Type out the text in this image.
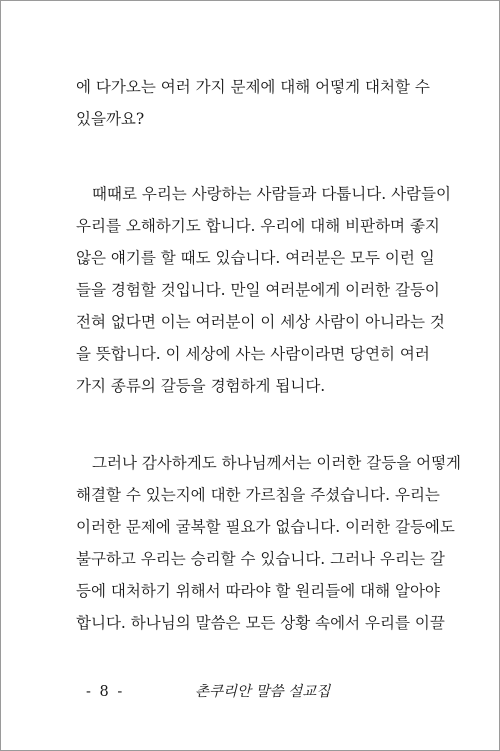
에 다가오는 여러 가지 문제에 대해 어떻게 대처할 수
있을까요?
때때로 우리는 사랑하는 사람들과 다툽니다. 사람들이
우리를 오해하기도 합니다. 우리에 대해 비판하며 좋지
않은 얘기를 할 때도 있습니다. 여러분은 모두 이런 일
들을 경험할 것입니다. 만일 여러분에게 이러한 갈등이
전혀 없다면 이는 여러분이 이 세상 사람이 아니라는 것
을 뜻합니다. 이 세상에 사는 사람이라면 당연히 여러
가지 종류의 갈등을 경험하게 됩니다.
그러나 감사하게도 하나님께서는 이러한 갈등을 어떻게
해결할 수 있는지에 대한 가르침을 주셨습니다. 우리는
이러한 문제에 굴복할 필요가 없습니다. 이러한 갈등에도
불구하고 우리는 승리할 수 있습니다. 그러나 우리는 갈
등에 대처하기 위해서 따라야 할 원리들에 대해 알아야
합니다. 하나님의 말씀은 모든 상황 속에서 우리를 이끌
- 8 -	촌쿠리안 말씀 설교집
